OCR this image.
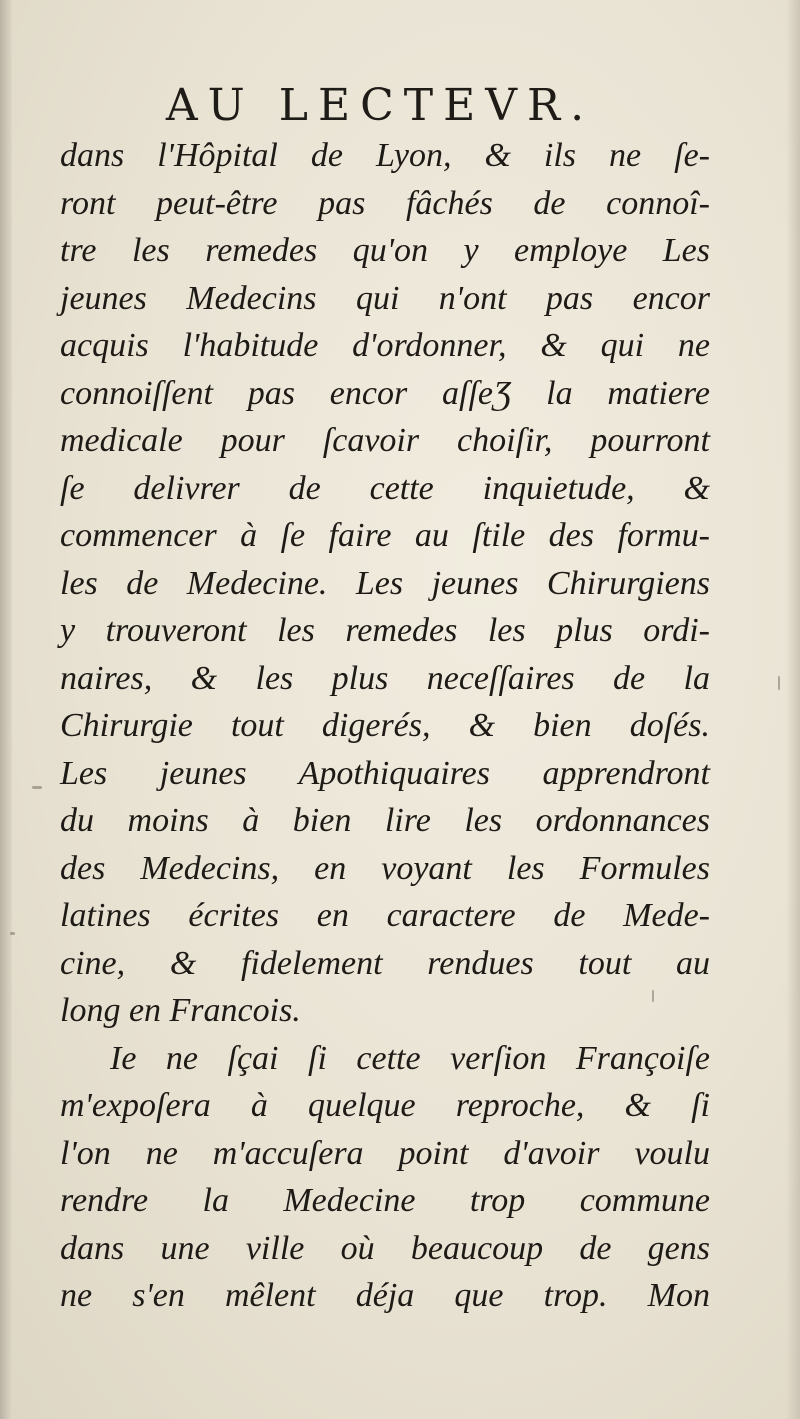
AU LECTEVR.
dans l'Hôpital de Lyon, & ils ne ſe-
ront peut-être pas fâchés de connoî-
tre les remedes qu'on y employe Les
jeunes Medecins qui n'ont pas encor
acquis l'habitude d'ordonner, & qui ne
connoiſſent pas encor aſſeƷ la matiere
medicale pour ſcavoir choiſir, pourront
ſe delivrer de cette inquietude, &
commencer à ſe faire au ſtile des formu-
les de Medecine. Les jeunes Chirurgiens
y trouveront les remedes les plus ordi-
naires, & les plus neceſſaires de la
Chirurgie tout digerés, & bien doſés.
Les jeunes Apothiquaires apprendront
du moins à bien lire les ordonnances
des Medecins, en voyant les Formules
latines écrites en caractere de Mede-
cine, & fidelement rendues tout au
long en Francois.
Ie ne ſçai ſi cette verſion Françoiſe
m'expoſera à quelque reproche, & ſi
l'on ne m'accuſera point d'avoir voulu
rendre la Medecine trop commune
dans une ville où beaucoup de gens
ne s'en mêlent déja que trop. Mon
